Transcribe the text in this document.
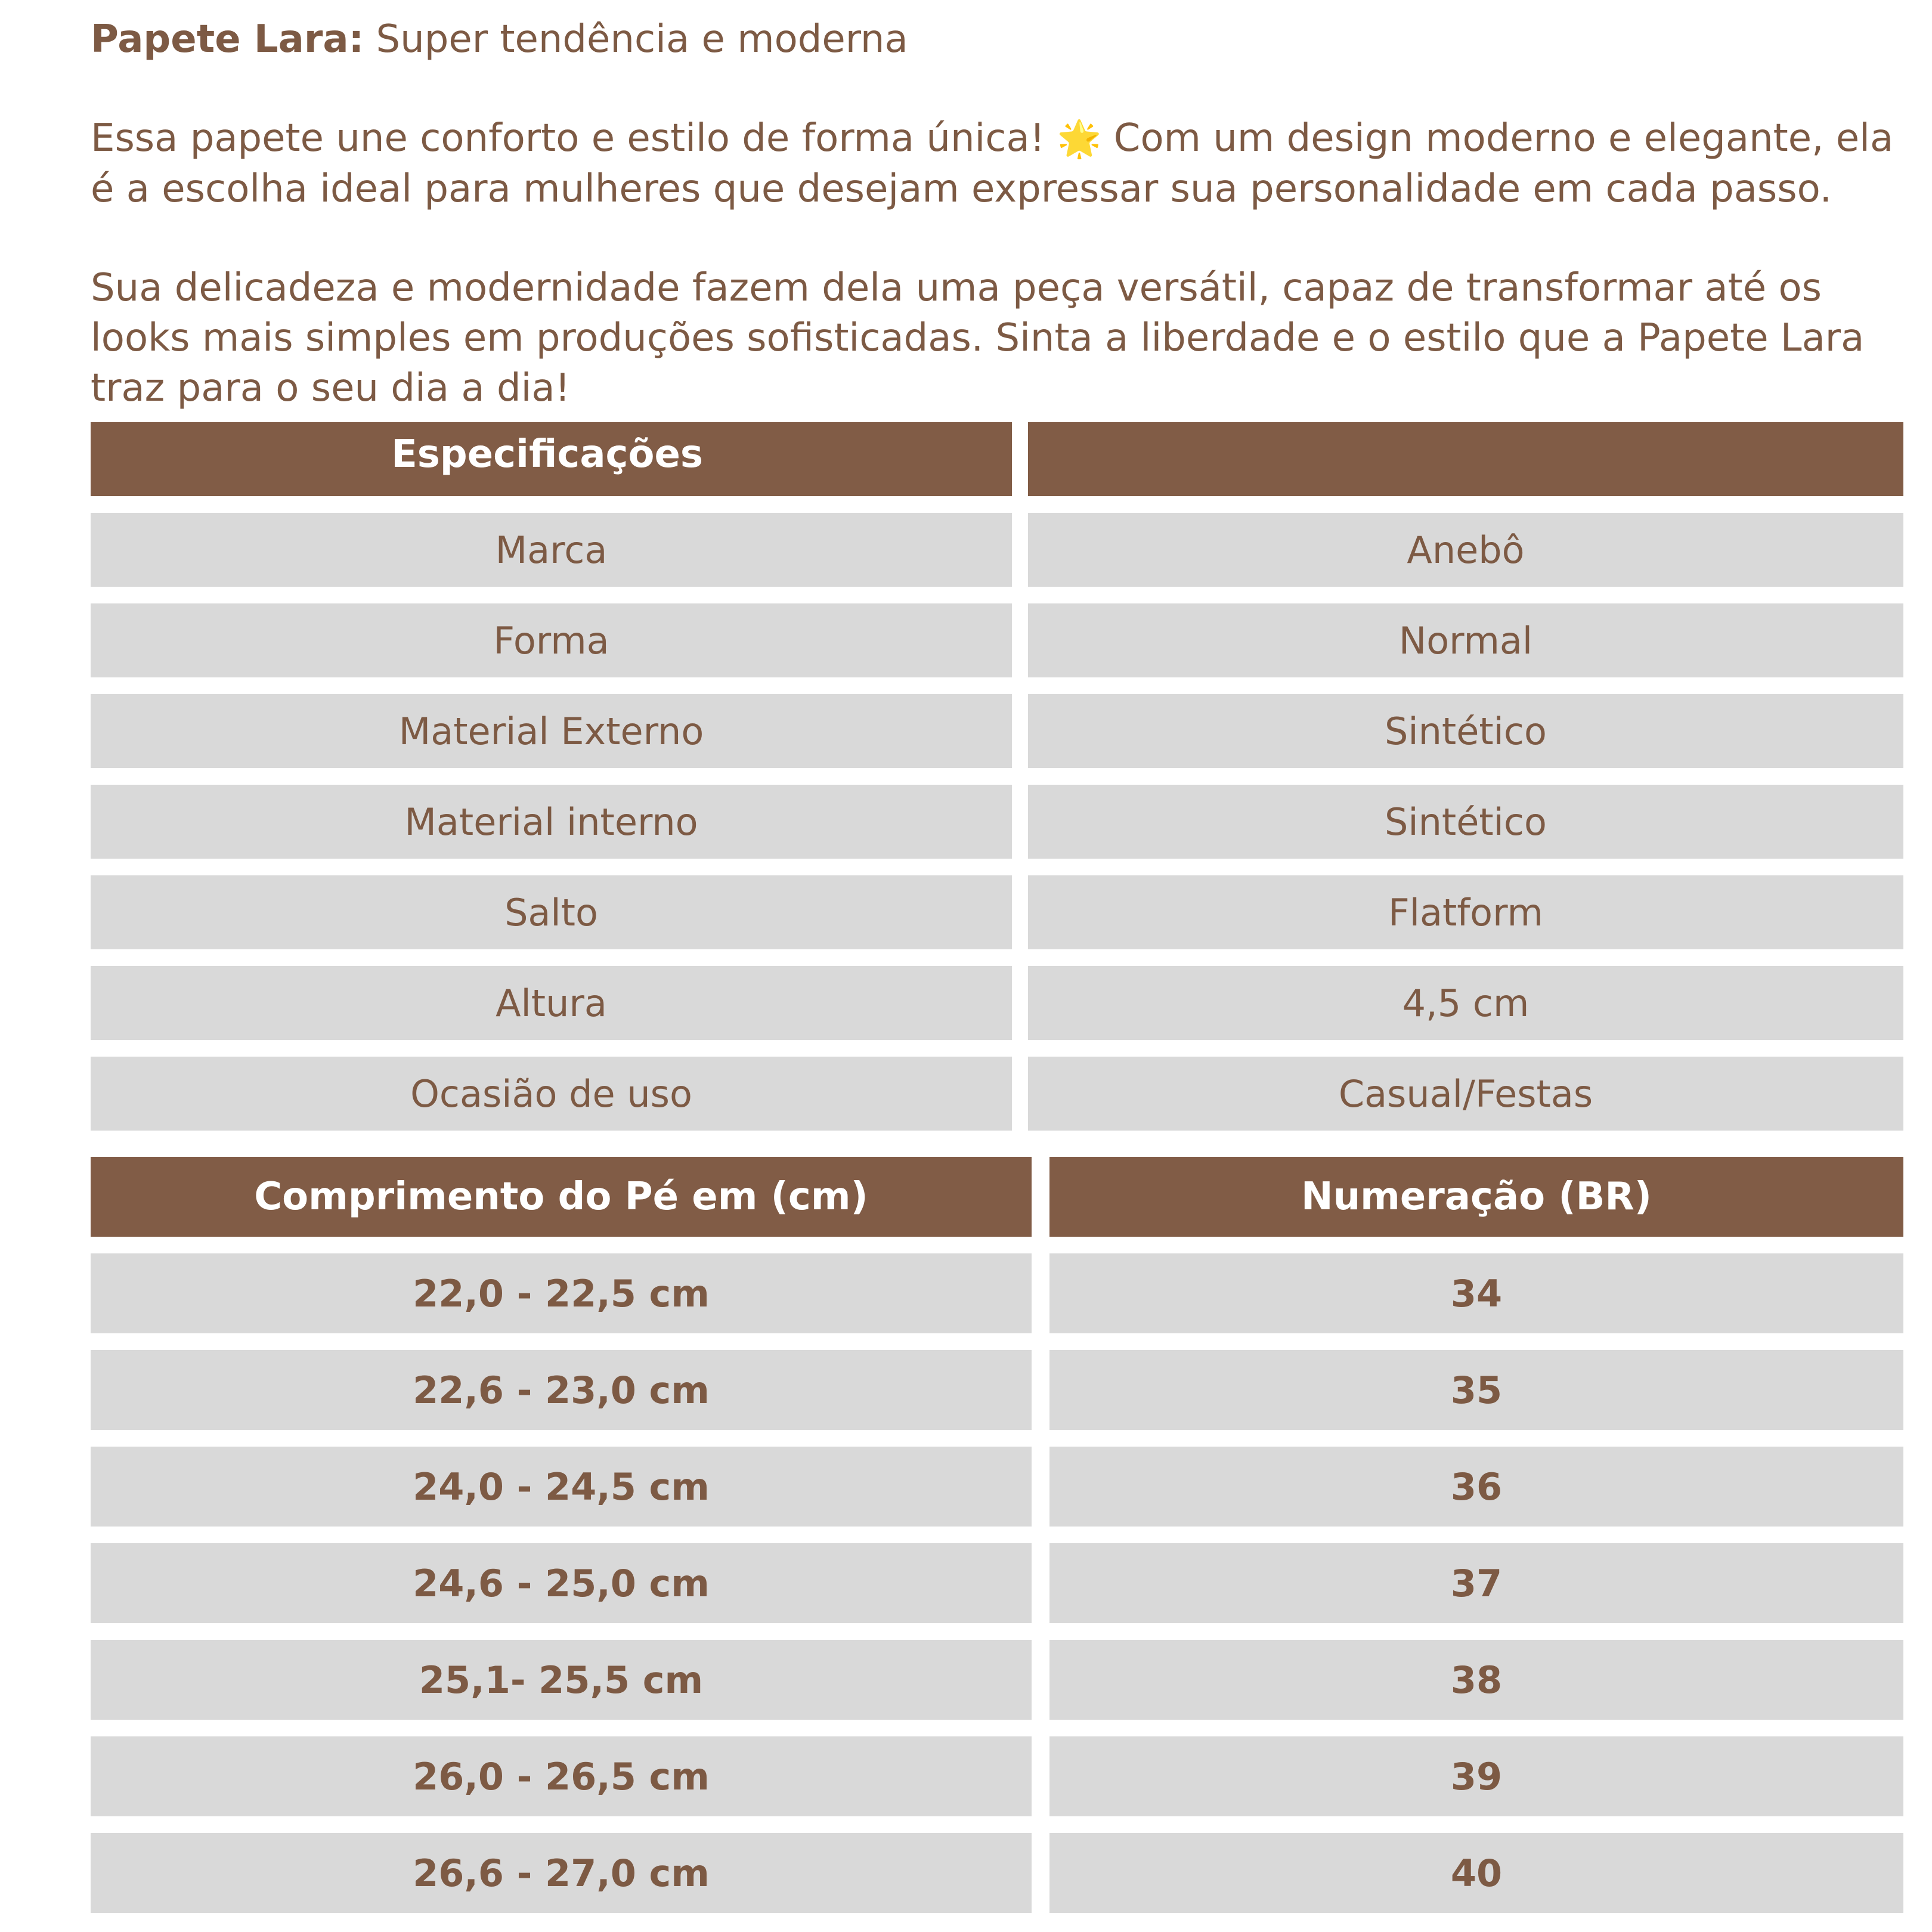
Papete Lara: Super tendência e moderna

Essa papete une conforto e estilo de forma única! 🌟 Com um design moderno e elegante, ela é a escolha ideal para mulheres que desejam expressar sua personalidade em cada passo.

Sua delicadeza e modernidade fazem dela uma peça versátil, capaz de transformar até os looks mais simples em produções sofisticadas. Sinta a liberdade e o estilo que a Papete Lara traz para o seu dia a dia!

Especificações
Marca	Anebô
Forma	Normal
Material Externo	Sintético
Material interno	Sintético
Salto	Flatform
Altura	4,5 cm
Ocasião de uso	Casual/Festas
Comprimento do Pé em (cm)	Numeração (BR)
22,0 - 22,5 cm	34
22,6 - 23,0 cm	35
24,0 - 24,5 cm	36
24,6 - 25,0 cm	37
25,1- 25,5 cm	38
26,0 - 26,5 cm	39
26,6 - 27,0 cm	40
